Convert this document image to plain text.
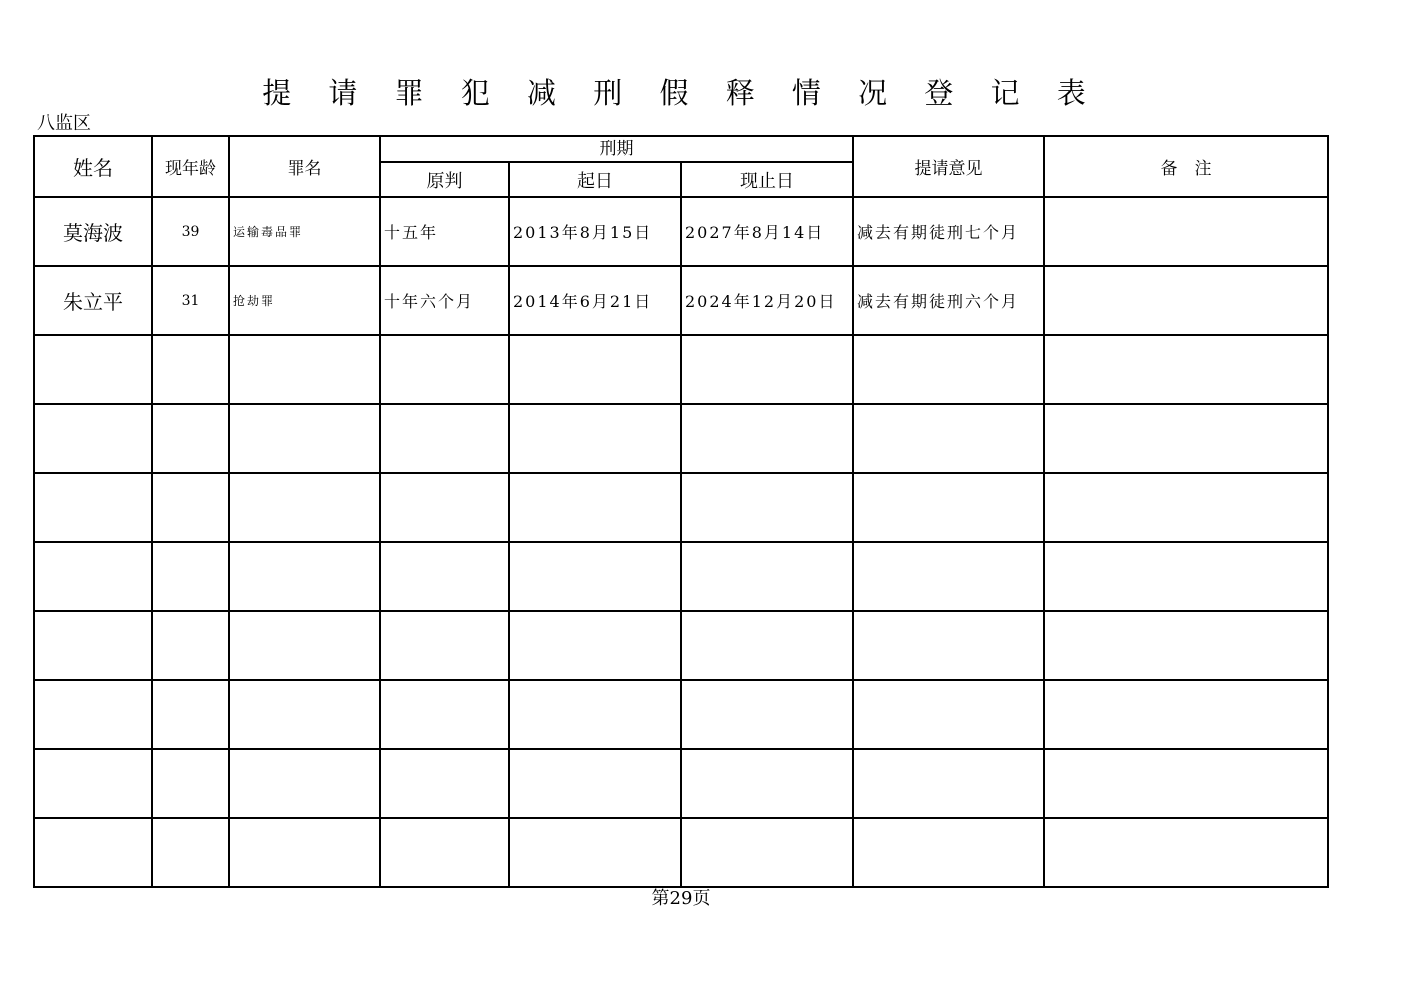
提 请 罪 犯 减 刑 假 释 情 况 登 记 表
八监区
姓名	现年龄	罪名	刑期			提请意见	备　注
			原判	起日	现止日		
莫海波	39	运输毒品罪	十五年	2013年8月15日	2027年8月14日	减去有期徒刑七个月	
朱立平	31	抢劫罪	十年六个月	2014年6月21日	2024年12月20日	减去有期徒刑六个月	

第29页
